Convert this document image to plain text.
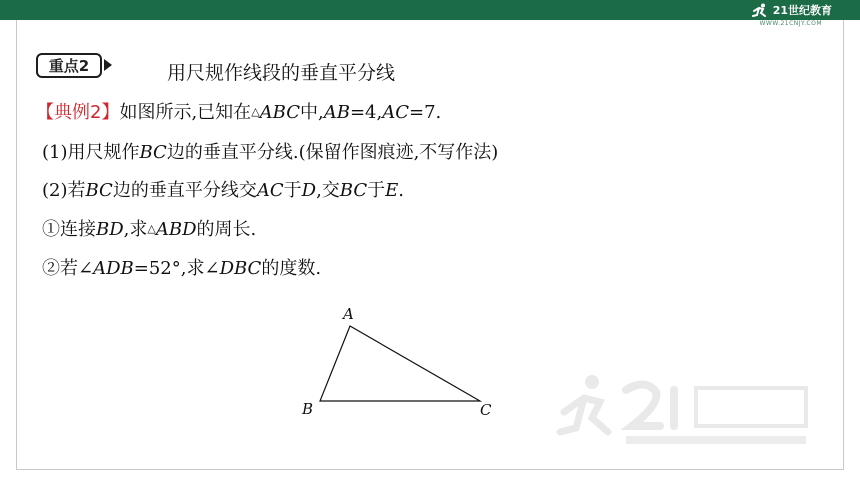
21世纪教育
WWW.21CNJY.COM
重点2	用尺规作线段的垂直平分线
【典例2】如图所示,已知在△ABC中,AB=4,AC=7.
(1)用尺规作BC边的垂直平分线.(保留作图痕迹,不写作法)
(2)若BC边的垂直平分线交AC于D,交BC于E.
①连接BD,求△ABD的周长.
②若∠ADB=52°,求∠DBC的度数.
A
B	C
